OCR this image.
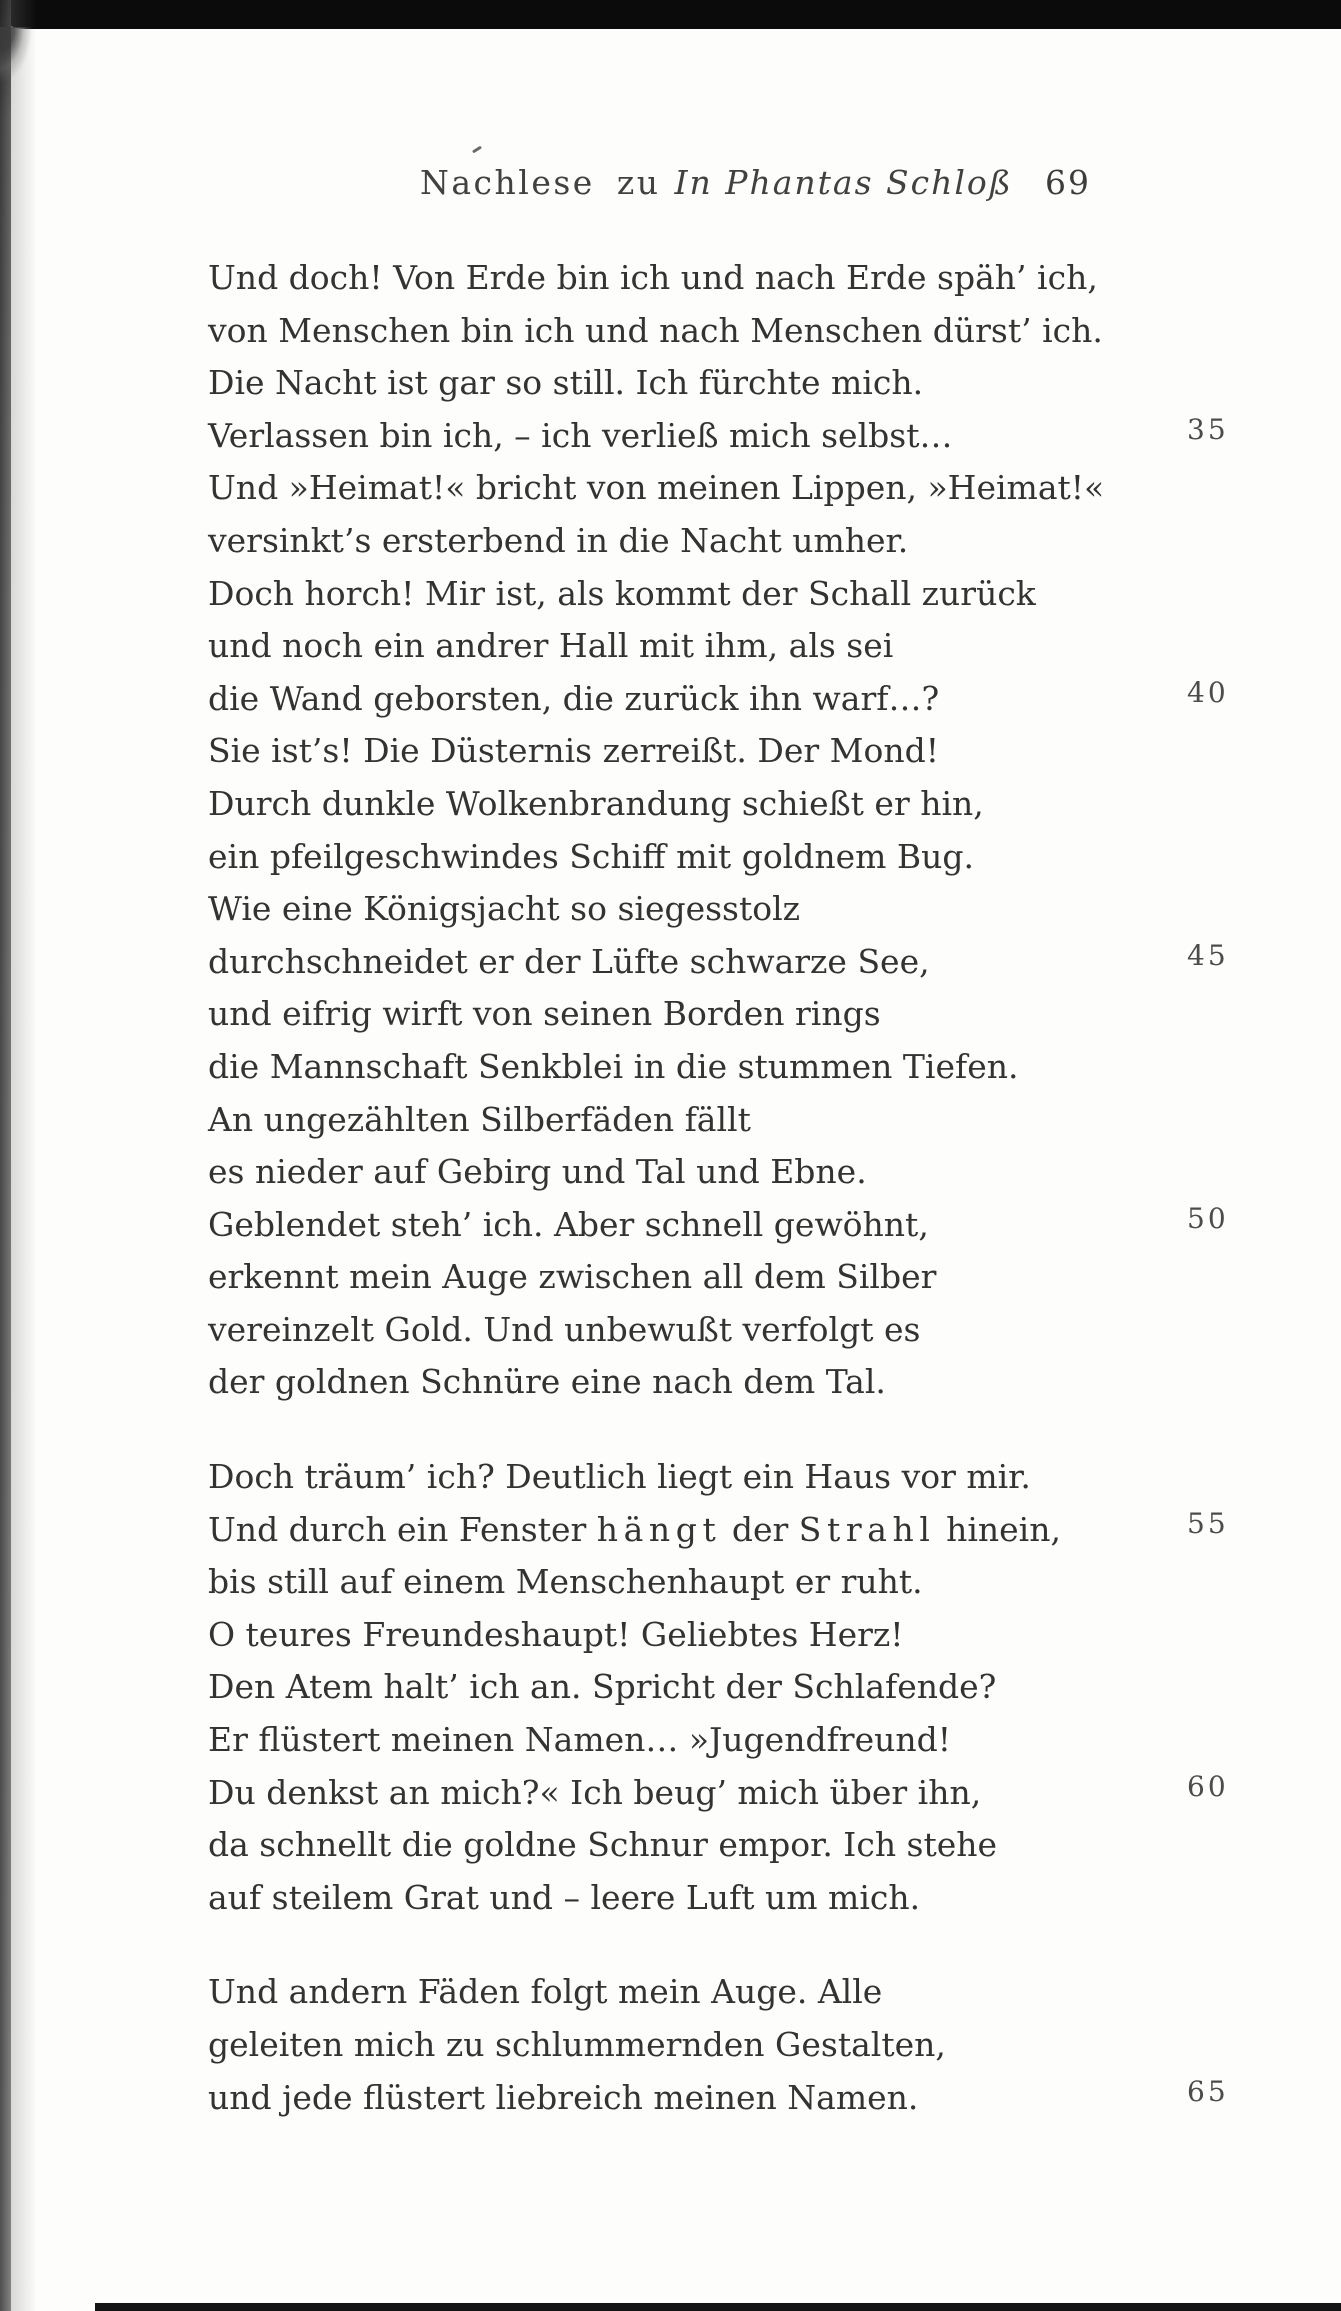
Nachlese zu In Phantas Schloß 69
Und doch! Von Erde bin ich und nach Erde späh’ ich,
von Menschen bin ich und nach Menschen dürst’ ich.
Die Nacht ist gar so still. Ich fürchte mich.
Verlassen bin ich, – ich verließ mich selbst…	35
Und »Heimat!« bricht von meinen Lippen, »Heimat!«
versinkt’s ersterbend in die Nacht umher.
Doch horch! Mir ist, als kommt der Schall zurück
und noch ein andrer Hall mit ihm, als sei
die Wand geborsten, die zurück ihn warf…?	40
Sie ist’s! Die Düsternis zerreißt. Der Mond!
Durch dunkle Wolkenbrandung schießt er hin,
ein pfeilgeschwindes Schiff mit goldnem Bug.
Wie eine Königsjacht so siegesstolz
durchschneidet er der Lüfte schwarze See,	45
und eifrig wirft von seinen Borden rings
die Mannschaft Senkblei in die stummen Tiefen.
An ungezählten Silberfäden fällt
es nieder auf Gebirg und Tal und Ebne.
Geblendet steh’ ich. Aber schnell gewöhnt,	50
erkennt mein Auge zwischen all dem Silber
vereinzelt Gold. Und unbewußt verfolgt es
der goldnen Schnüre eine nach dem Tal.
Doch träum’ ich? Deutlich liegt ein Haus vor mir.
Und durch ein Fenster hängt der Strahl hinein,	55
bis still auf einem Menschenhaupt er ruht.
O teures Freundeshaupt! Geliebtes Herz!
Den Atem halt’ ich an. Spricht der Schlafende?
Er flüstert meinen Namen… »Jugendfreund!
Du denkst an mich?« Ich beug’ mich über ihn,	60
da schnellt die goldne Schnur empor. Ich stehe
auf steilem Grat und – leere Luft um mich.
Und andern Fäden folgt mein Auge. Alle
geleiten mich zu schlummernden Gestalten,
und jede flüstert liebreich meinen Namen.	65
